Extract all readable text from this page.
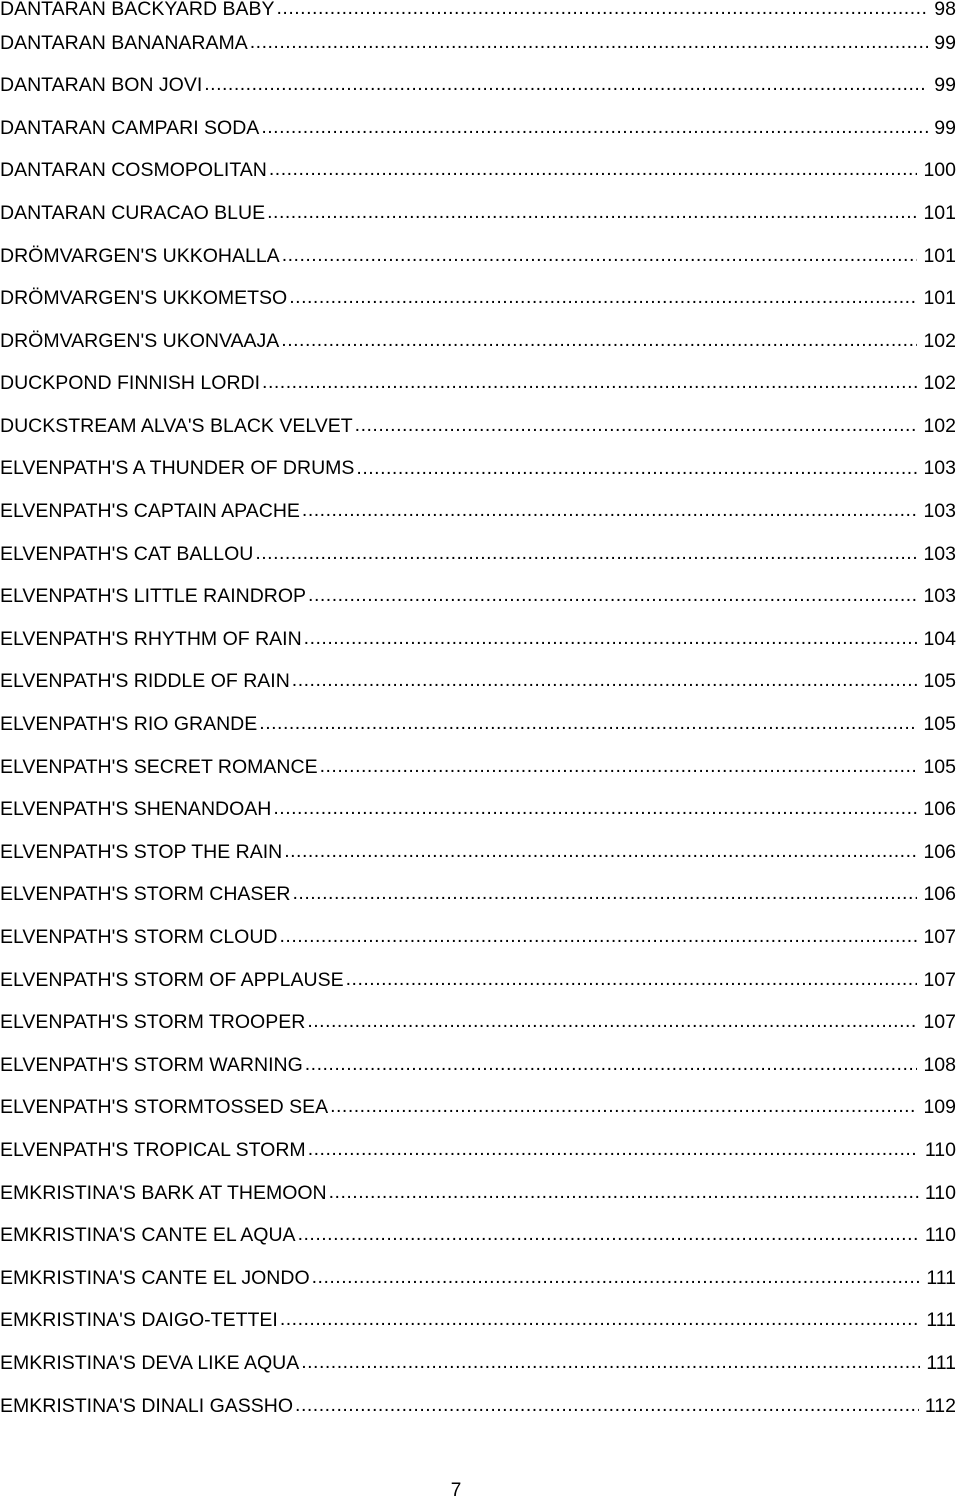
DANTARAN BACKYARD BABY .....	98
DANTARAN BANANARAMA .....	99
DANTARAN BON JOVI .....	99
DANTARAN CAMPARI SODA .....	99
DANTARAN COSMOPOLITAN .....	100
DANTARAN CURACAO BLUE .....	101
DRÖMVARGEN'S UKKOHALLA .....	101
DRÖMVARGEN'S UKKOMETSO .....	101
DRÖMVARGEN'S UKONVAAJA .....	102
DUCKPOND FINNISH LORDI .....	102
DUCKSTREAM ALVA'S BLACK VELVET .....	102
ELVENPATH'S A THUNDER OF DRUMS .....	103
ELVENPATH'S CAPTAIN APACHE .....	103
ELVENPATH'S CAT BALLOU .....	103
ELVENPATH'S LITTLE RAINDROP .....	103
ELVENPATH'S RHYTHM OF RAIN .....	104
ELVENPATH'S RIDDLE OF RAIN .....	105
ELVENPATH'S RIO GRANDE .....	105
ELVENPATH'S SECRET ROMANCE .....	105
ELVENPATH'S SHENANDOAH .....	106
ELVENPATH'S STOP THE RAIN .....	106
ELVENPATH'S STORM CHASER .....	106
ELVENPATH'S STORM CLOUD .....	107
ELVENPATH'S STORM OF APPLAUSE .....	107
ELVENPATH'S STORM TROOPER .....	107
ELVENPATH'S STORM WARNING .....	108
ELVENPATH'S STORMTOSSED SEA .....	109
ELVENPATH'S TROPICAL STORM .....	110
EMKRISTINA'S BARK AT THEMOON .....	110
EMKRISTINA'S CANTE EL AQUA .....	110
EMKRISTINA'S CANTE EL JONDO .....	111
EMKRISTINA'S DAIGO-TETTEI .....	111
EMKRISTINA'S DEVA LIKE AQUA .....	111
EMKRISTINA'S DINALI GASSHO .....	112
7
